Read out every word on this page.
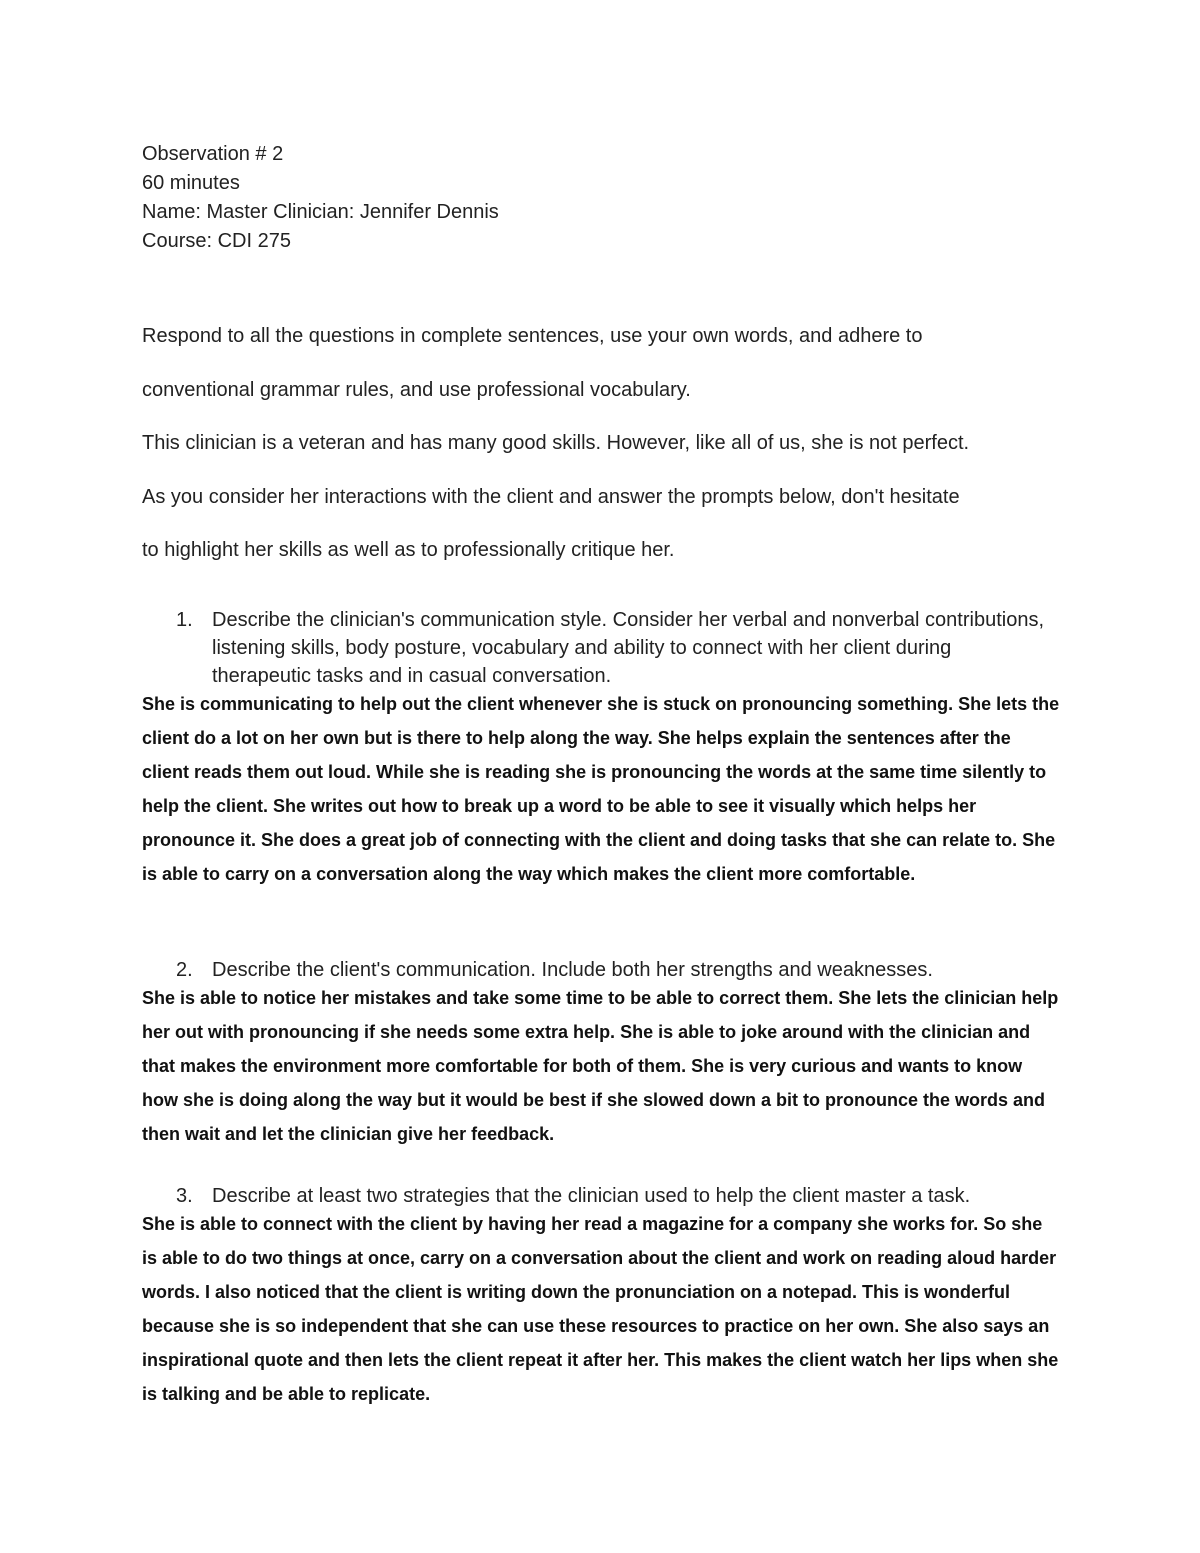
Observation # 2
60 minutes
Name: Master Clinician: Jennifer Dennis
Course: CDI 275
Respond to all the questions in complete sentences, use your own words, and adhere to
conventional grammar rules, and use professional vocabulary.
This clinician is a veteran and has many good skills. However, like all of us, she is not perfect.
As you consider her interactions with the client and answer the prompts below, don't hesitate
to highlight her skills as well as to professionally critique her.
1. Describe the clinician's communication style. Consider her verbal and nonverbal contributions, listening skills, body posture, vocabulary and ability to connect with her client during therapeutic tasks and in casual conversation.
She is communicating to help out the client whenever she is stuck on pronouncing something. She lets the client do a lot on her own but is there to help along the way. She helps explain the sentences after the client reads them out loud. While she is reading she is pronouncing the words at the same time silently to help the client. She writes out how to break up a word to be able to see it visually which helps her pronounce it. She does a great job of connecting with the client and doing tasks that she can relate to. She is able to carry on a conversation along the way which makes the client more comfortable.
2. Describe the client's communication. Include both her strengths and weaknesses.
She is able to notice her mistakes and take some time to be able to correct them. She lets the clinician help her out with pronouncing if she needs some extra help. She is able to joke around with the clinician and that makes the environment more comfortable for both of them. She is very curious and wants to know how she is doing along the way but it would be best if she slowed down a bit to pronounce the words and then wait and let the clinician give her feedback.
3. Describe at least two strategies that the clinician used to help the client master a task.
She is able to connect with the client by having her read a magazine for a company she works for. So she is able to do two things at once, carry on a conversation about the client and work on reading aloud harder words. I also noticed that the client is writing down the pronunciation on a notepad. This is wonderful because she is so independent that she can use these resources to practice on her own. She also says an inspirational quote and then lets the client repeat it after her. This makes the client watch her lips when she is talking and be able to replicate.
